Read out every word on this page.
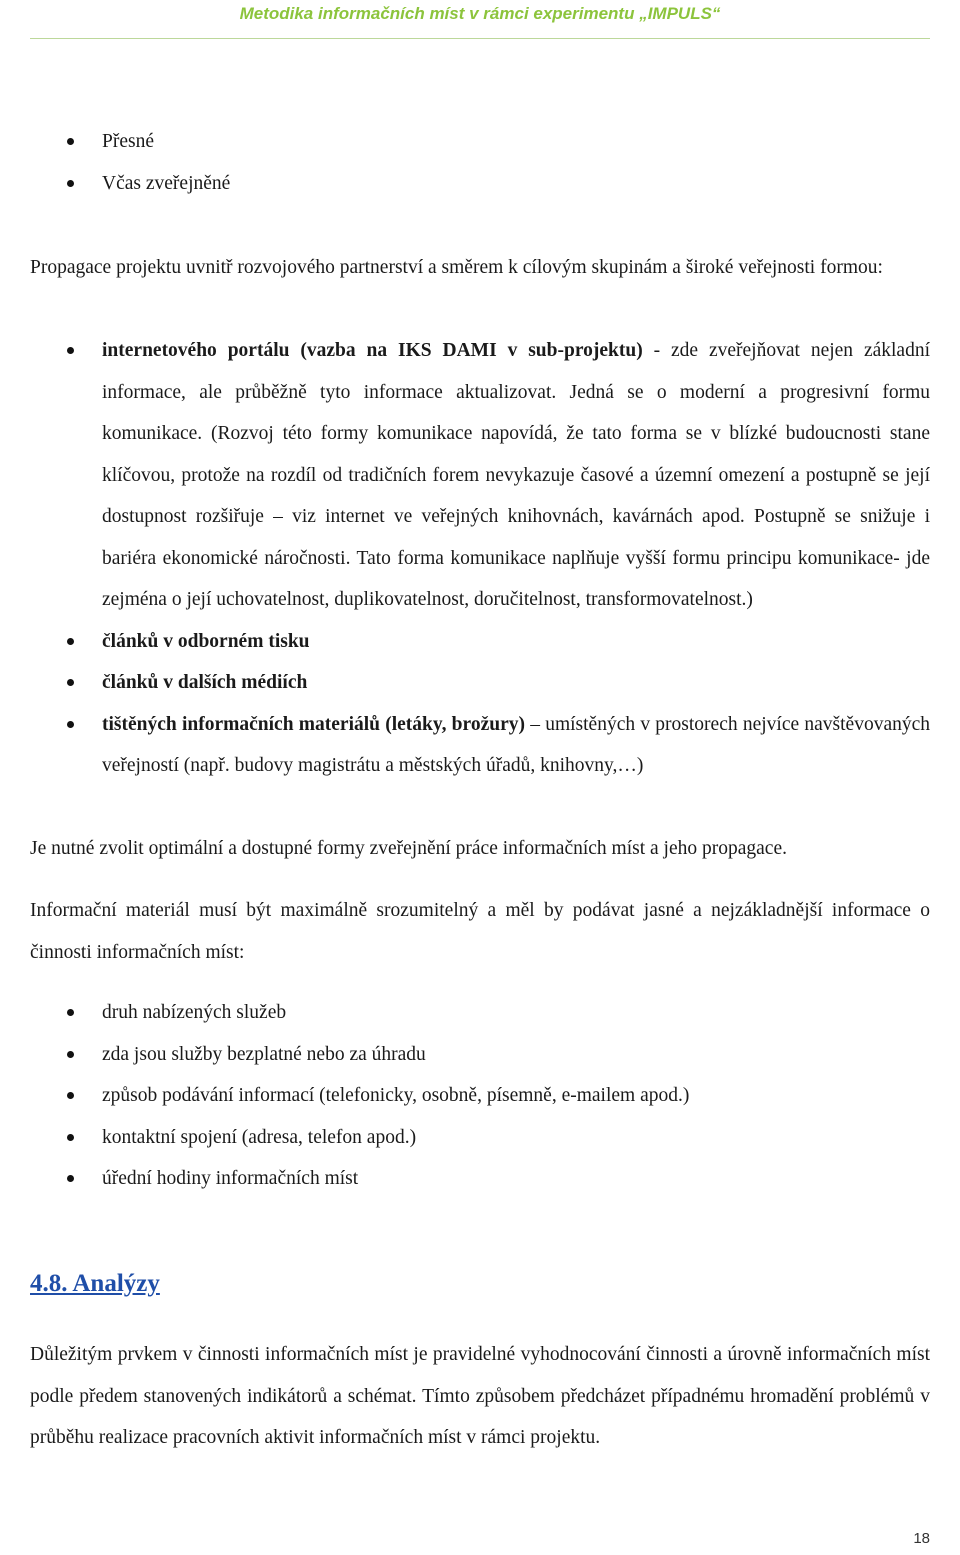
Metodika informačních míst v rámci experimentu „IMPULS“
Přesné
Včas zveřejněné

Propagace projektu uvnitř rozvojového partnerství a směrem k cílovým skupinám a široké veřejnosti formou:

internetového portálu (vazba na IKS DAMI v sub-projektu) - zde zveřejňovat nejen základní informace, ale průběžně tyto informace aktualizovat. Jedná se o moderní a progresivní formu komunikace. (Rozvoj této formy komunikace napovídá, že tato forma se v blízké budoucnosti stane klíčovou, protože na rozdíl od tradičních forem nevykazuje časové a územní omezení a postupně se její dostupnost rozšiřuje – viz internet ve veřejných knihovnách, kavárnách apod. Postupně se snižuje i bariéra ekonomické náročnosti. Tato forma komunikace naplňuje vyšší formu principu komunikace- jde zejména o její uchovatelnost, duplikovatelnost, doručitelnost, transformovatelnost.)
článků v odborném tisku
článků v dalších médiích
tištěných informačních materiálů (letáky, brožury) – umístěných v prostorech nejvíce navštěvovaných veřejností (např. budovy magistrátu a městských úřadů, knihovny,…)

Je nutné zvolit optimální a dostupné formy zveřejnění práce informačních míst a jeho propagace.

Informační materiál musí být maximálně srozumitelný a měl by podávat jasné a nejzákladnější informace o činnosti informačních míst:

druh nabízených služeb
zda jsou služby bezplatné nebo za úhradu
způsob podávání informací (telefonicky, osobně, písemně, e-mailem apod.)
kontaktní spojení (adresa, telefon apod.)
úřední hodiny informačních míst
4.8. Analýzy

Důležitým prvkem v činnosti informačních míst je pravidelné vyhodnocování činnosti a úrovně informačních míst podle předem stanovených indikátorů a schémat. Tímto způsobem předcházet případnému hromadění problémů v průběhu realizace pracovních aktivit informačních míst v rámci projektu.

18
